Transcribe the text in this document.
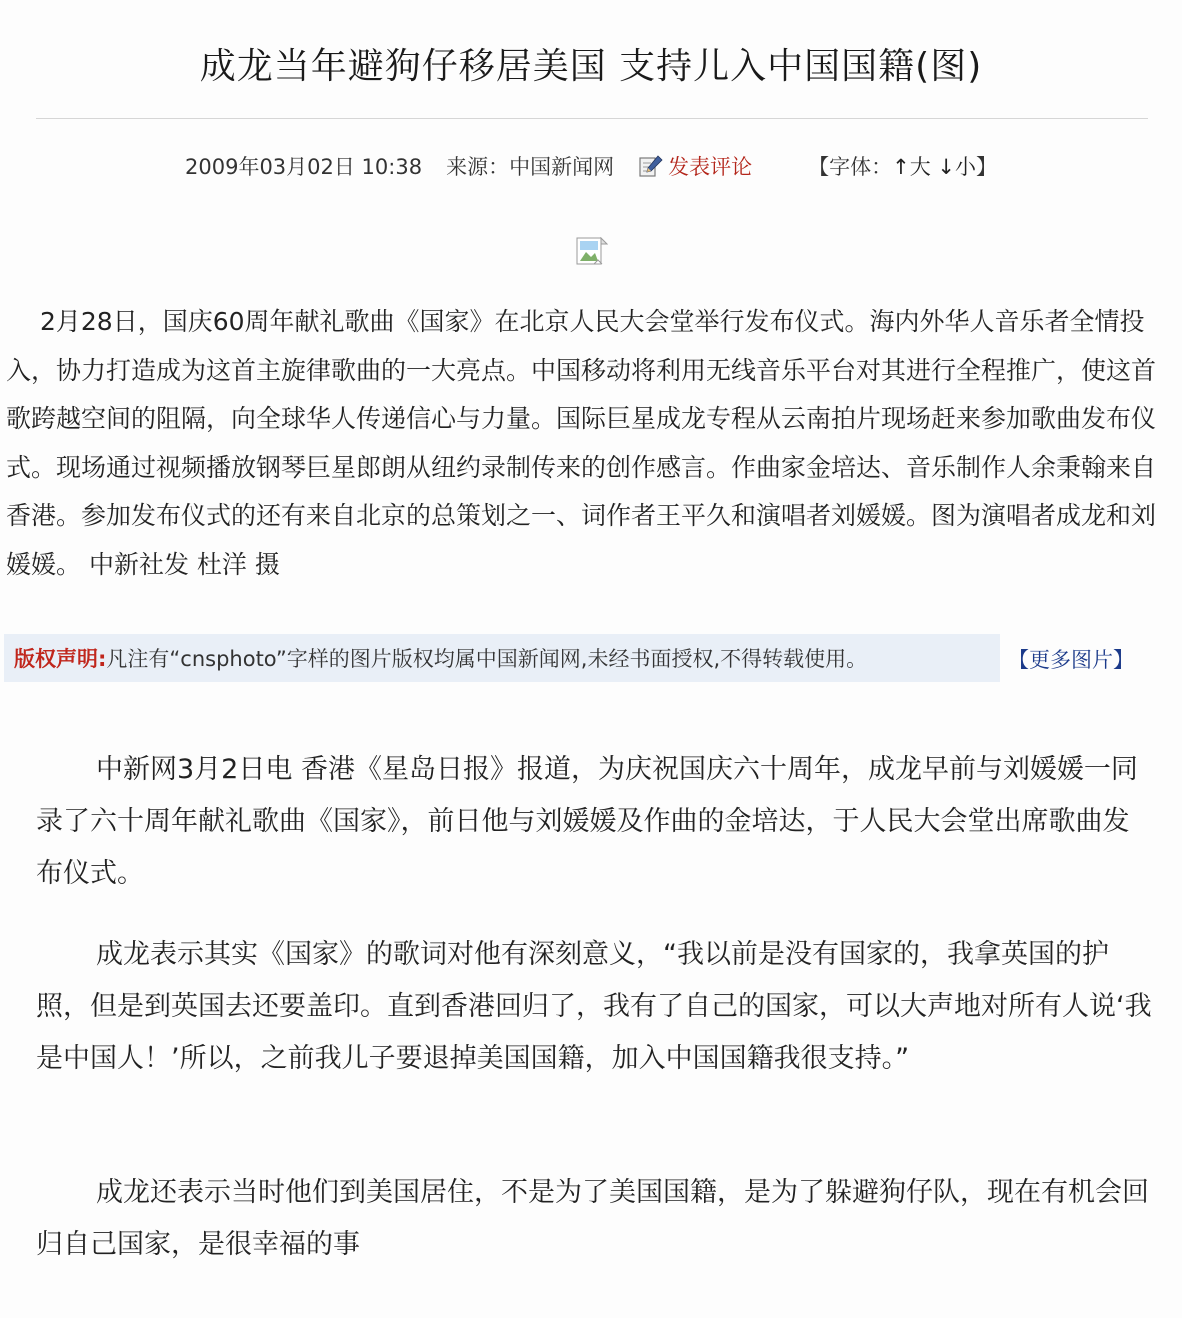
成龙当年避狗仔移居美国 支持儿入中国国籍(图)
2009年03月02日 10:38 来源：中国新闻网	发表评论	【字体：↑大 ↓小】

2月28日，国庆60周年献礼歌曲《国家》在北京人民大会堂举行发布仪式。海内外华人音乐者全情投入，协力打造成为这首主旋律歌曲的一大亮点。中国移动将利用无线音乐平台对其进行全程推广，使这首歌跨越空间的阻隔，向全球华人传递信心与力量。国际巨星成龙专程从云南拍片现场赶来参加歌曲发布仪式。现场通过视频播放钢琴巨星郎朗从纽约录制传来的创作感言。作曲家金培达、音乐制作人余秉翰来自香港。参加发布仪式的还有来自北京的总策划之一、词作者王平久和演唱者刘媛媛。图为演唱者成龙和刘媛媛。 中新社发 杜洋 摄

版权声明: 凡注有“cnsphoto”字样的图片版权均属中国新闻网,未经书面授权,不得转载使用。	【更多图片】

中新网3月2日电 香港《星岛日报》报道，为庆祝国庆六十周年，成龙早前与刘媛媛一同录了六十周年献礼歌曲《国家》，前日他与刘媛媛及作曲的金培达，于人民大会堂出席歌曲发布仪式。

成龙表示其实《国家》的歌词对他有深刻意义，“我以前是没有国家的，我拿英国的护照，但是到英国去还要盖印。直到香港回归了，我有了自己的国家，可以大声地对所有人说‘我是中国人！’所以，之前我儿子要退掉美国国籍，加入中国国籍我很支持。”

成龙还表示当时他们到美国居住，不是为了美国国籍，是为了躲避狗仔队，现在有机会回归自己国家，是很幸福的事
